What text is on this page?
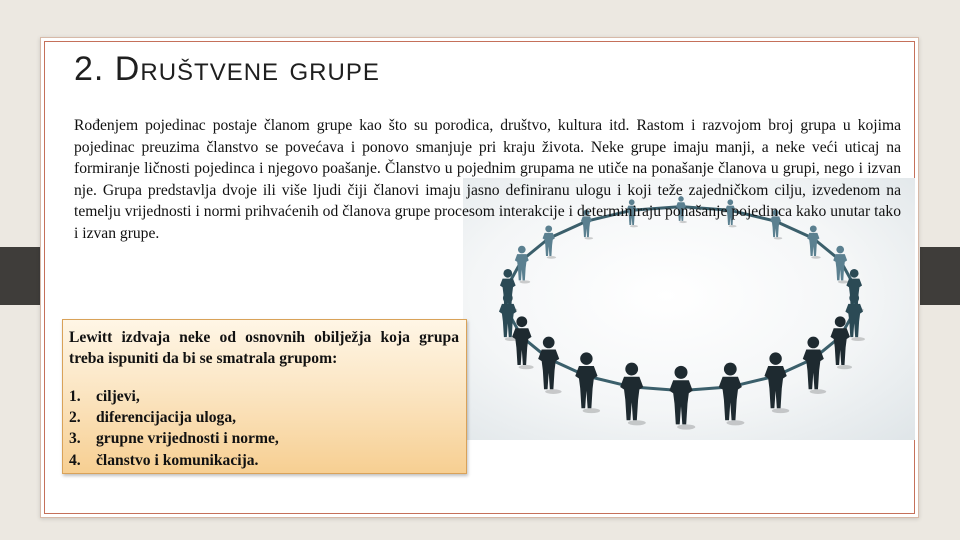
2. Društvene grupe

Rođenjem pojedinac postaje članom grupe kao što su porodica, društvo, kultura itd. Rastom i razvojom broj grupa u kojima pojedinac preuzima članstvo se povećava i ponovo smanjuje pri kraju života. Neke grupe imaju manji, a neke veći uticaj na formiranje ličnosti pojedinca i njegovo poašanje. Članstvo u pojednim grupama ne utiče na ponašanje članova u grupi, nego i izvan nje. Grupa predstavlja dvoje ili više ljudi čiji članovi imaju jasno definiranu ulogu i koji teže zajedničkom cilju, izvedenom na temelju vrijednosti i normi prihvaćenih od članova grupe procesom interakcije i determiniraju ponašanje pojedinca kako unutar tako i izvan grupe.

Lewitt izdvaja neke od osnovnih obilježja koja grupa treba ispuniti da bi se smatrala grupom:

1. ciljevi,
2. diferencijacija uloga,
3. grupne vrijednosti i norme,
4. članstvo i komunikacija.
